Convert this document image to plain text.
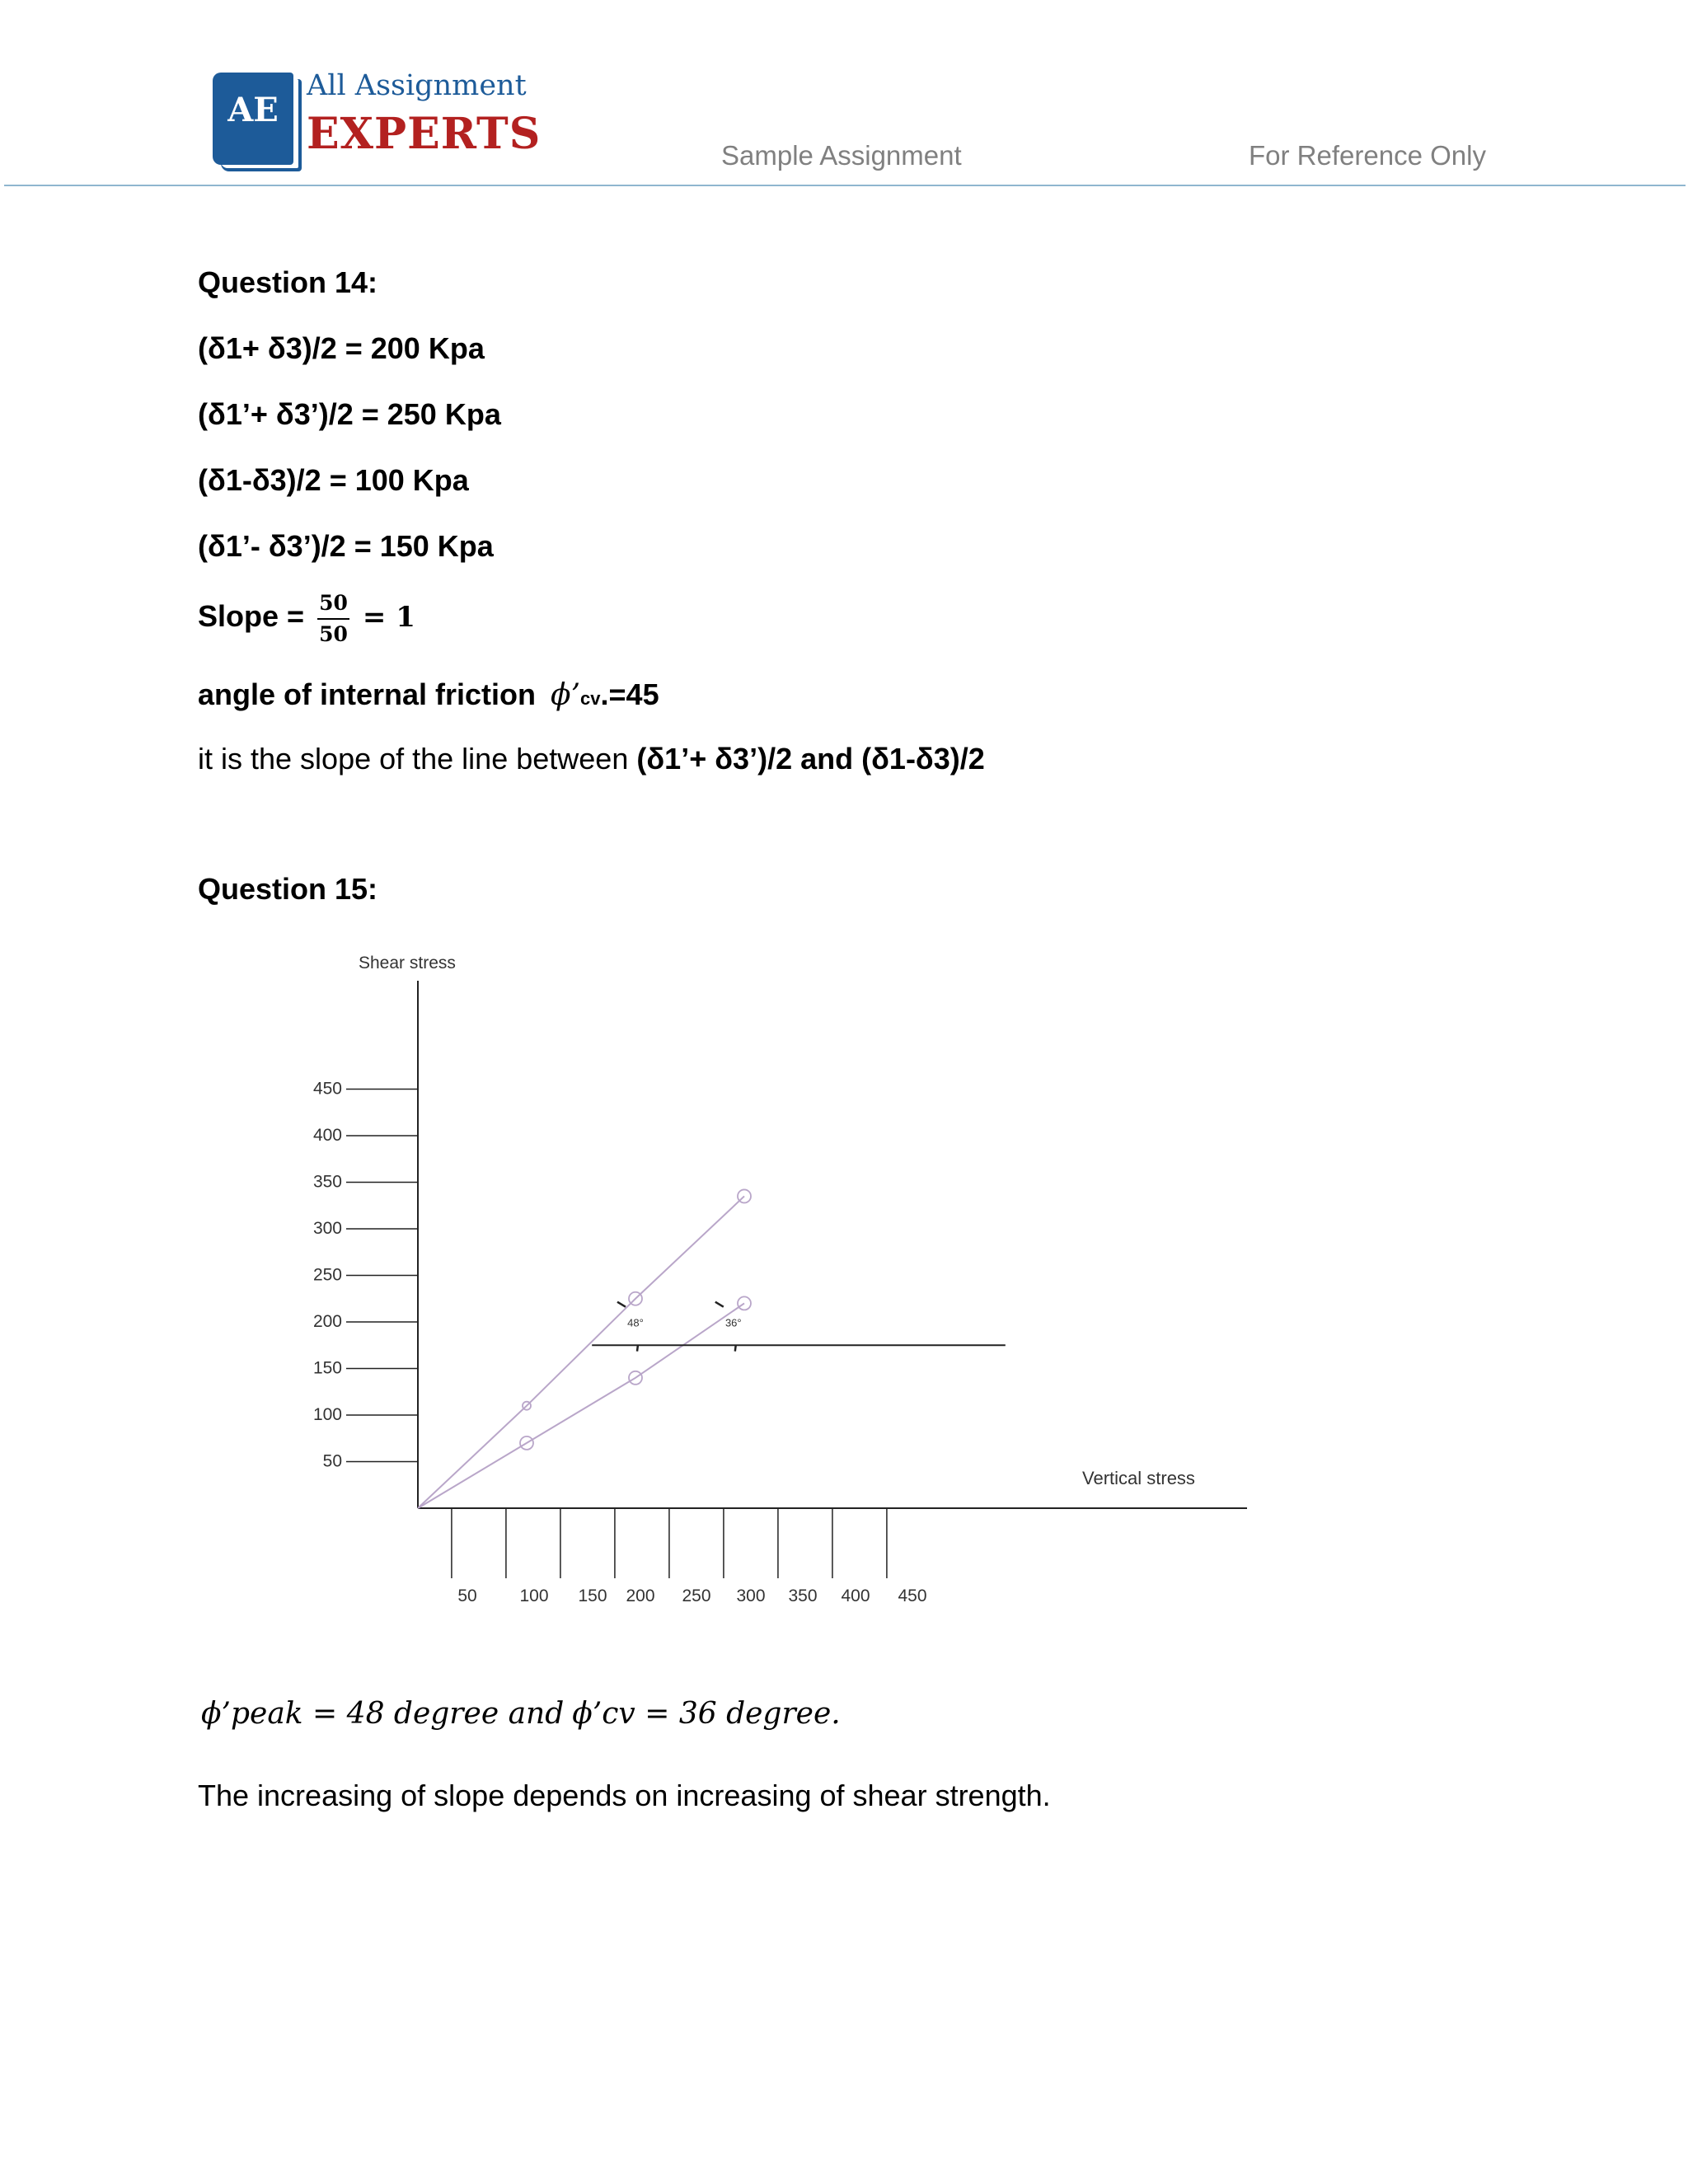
AE
All Assignment
EXPERTS	Sample Assignment	For Reference Only
Question 14:
(δ1+ δ3)/2 = 200 Kpa
(δ1’+ δ3’)/2 = 250 Kpa
(δ1-δ3)/2 = 100 Kpa
(δ1’- δ3’)/2 = 150 Kpa
Slope = $\frac{50}{50} = 1$
angle of internal friction ϕ’cv.=45
it is the slope of the line between (δ1’+ δ3’)/2 and (δ1-δ3)/2
Question 15:
Shear stress
Vertical stress
450
400
350
300
250
200
150
100
50
50 100 150 200 250 300 350 400 450
48°	36°
ϕ’peak = 48 degree and ϕ’cv = 36 degree.
The increasing of slope depends on increasing of shear strength.
